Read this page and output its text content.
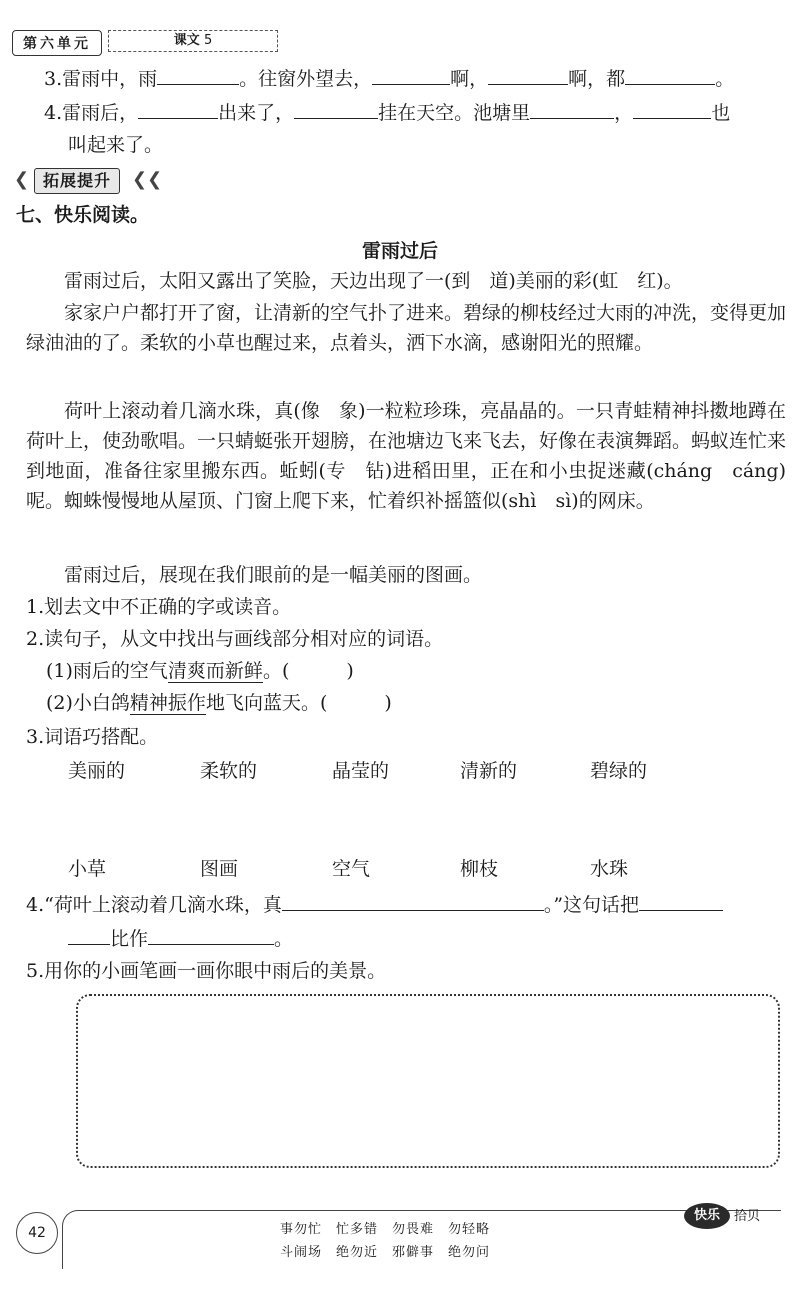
第六单元	课文 5
3.雷雨中，雨	。往窗外望去，	啊，	啊，都	。
4.雷雨后，	出来了，	挂在天空。池塘里	，	也
叫起来了。
❮ 拓展提升	❮❮
七、快乐阅读。
雷雨过后
雷雨过后，太阳又露出了笑脸，天边出现了一(到　道)美丽的彩(虹　红)。
家家户户都打开了窗，让清新的空气扑了进来。碧绿的柳枝经过大雨的冲洗，变得更加绿油油的了。柔软的小草也醒过来，点着头，洒下水滴，感谢阳光的照耀。
荷叶上滚动着几滴水珠，真(像　象)一粒粒珍珠，亮晶晶的。一只青蛙精神抖擞地蹲在荷叶上，使劲歌唱。一只蜻蜓张开翅膀，在池塘边飞来飞去，好像在表演舞蹈。蚂蚁连忙来到地面，准备往家里搬东西。蚯蚓(专　钻)进稻田里，正在和小虫捉迷藏(cháng　cáng)呢。蜘蛛慢慢地从屋顶、门窗上爬下来，忙着织补摇篮似(shì　sì)的网床。
雷雨过后，展现在我们眼前的是一幅美丽的图画。
1.划去文中不正确的字或读音。
2.读句子，从文中找出与画线部分相对应的词语。
(1)雨后的空气清爽而新鲜。(　　　)
(2)小白鸽精神振作地飞向蓝天。(　　　)
3.词语巧搭配。
美丽的	柔软的	晶莹的	清新的	碧绿的
小草	图画	空气	柳枝	水珠
4.“荷叶上滚动着几滴水珠，真	。”这句话把
比作	。
5.用你的小画笔画一画你眼中雨后的美景。
42	事勿忙　忙多错　勿畏难　勿轻略
斗闹场　绝勿近　邪僻事　绝勿问
快乐	拾贝
